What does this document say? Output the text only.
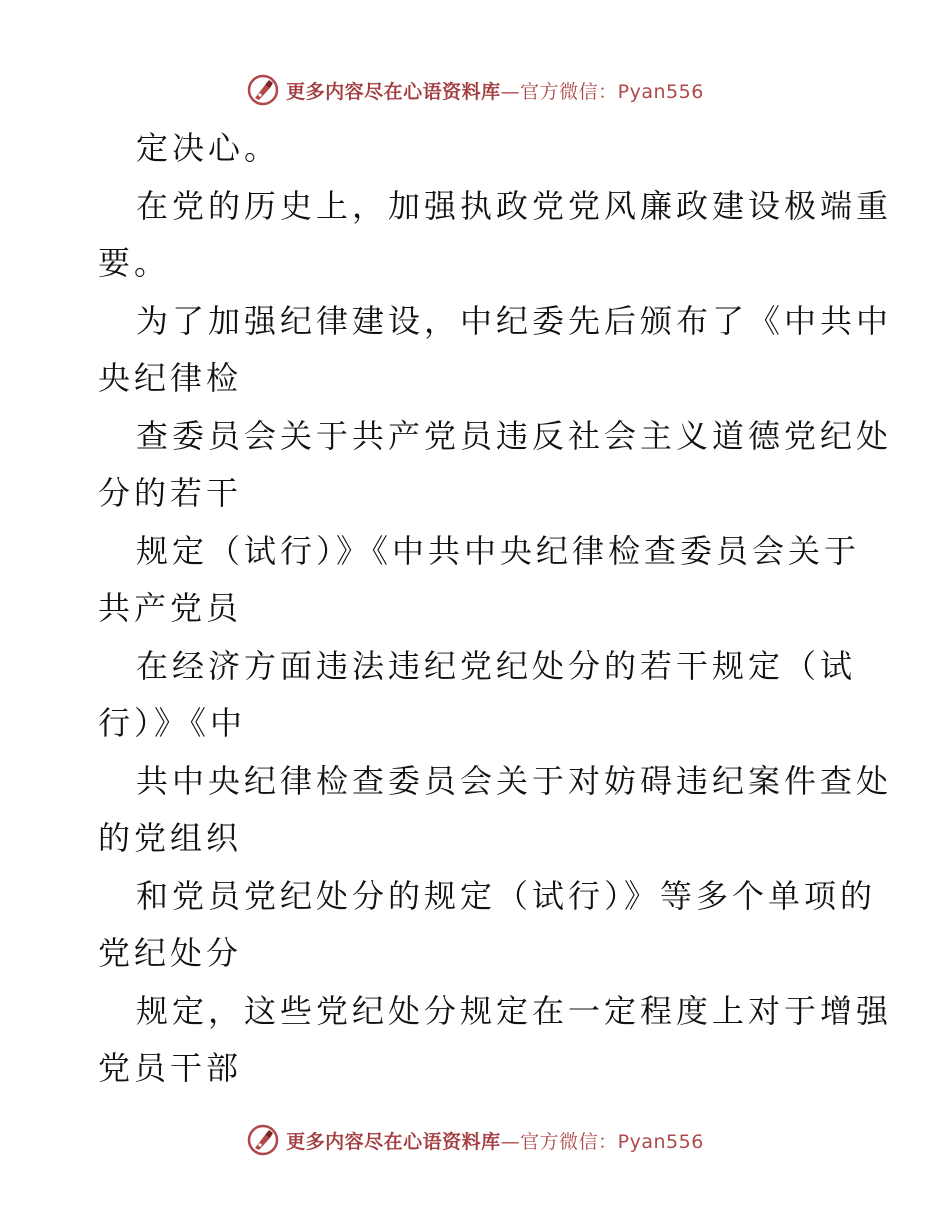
更多内容尽在心语资料库—官方微信：Pyan556
定决心。
在党的历史上，加强执政党党风廉政建设极端重
要。
为了加强纪律建设，中纪委先后颁布了《中共中
央纪律检
查委员会关于共产党员违反社会主义道德党纪处
分的若干
规定（试行）》《中共中央纪律检查委员会关于
共产党员
在经济方面违法违纪党纪处分的若干规定（试
行）》《中
共中央纪律检查委员会关于对妨碍违纪案件查处
的党组织
和党员党纪处分的规定（试行）》等多个单项的
党纪处分
规定，这些党纪处分规定在一定程度上对于增强
党员干部
更多内容尽在心语资料库—官方微信：Pyan556
